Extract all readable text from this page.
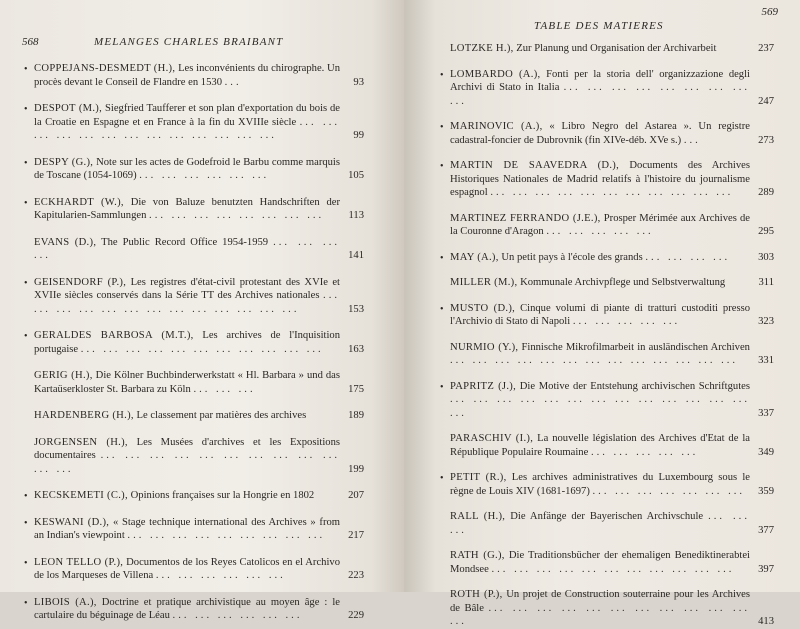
568	MELANGES CHARLES BRAIBANT
• COPPEJANS-DESMEDT (H.), Les inconvénients du chirographe. Un procès devant le Conseil de Flandre en 1530 ...	93
• DESPOT (M.), Siegfried Taufferer et son plan d'exportation du bois de la Croatie en Espagne et en France à la fin du XVIIIe siècle ... ... ... ... ... ... ... ... ... ... ... ... ...	99
• DESPY (G.), Note sur les actes de Godefroid le Barbu comme marquis de Toscane (1054-1069) ... ... ... ... ... ...	105
• ECKHARDT (W.), Die von Baluze benutzten Handschriften der Kapitularien-Sammlungen ... ... ... ... ... ... ... ...	113
EVANS (D.), The Public Record Office 1954-1959 ... ... ... ...	141
• GEISENDORF (P.), Les registres d'état-civil protestant des XVIe et XVIIe siècles conservés dans la Série TT des Archives nationales ... ... ... ... ... ... ... ... ... ... ... ... ...	153
• GERALDES BARBOSA (M.T.), Les archives de l'Inquisition portugaise ... ... ... ... ... ... ... ... ... ... ...	163
GERIG (H.), Die Kölner Buchbinderwerkstatt « Hl. Barbara » und das Kartaüserkloster St. Barbara zu Köln ... ... ...	175
HARDENBERG (H.), Le classement par matières des archives	189
JORGENSEN (H.), Les Musées d'archives et les Expositions documentaires ... ... ... ... ... ... ... ... ... ... ... ...	199
• KECSKEMETI (C.), Opinions françaises sur la Hongrie en 1802	207
• KESWANI (D.), « Stage technique international des Archives » from an Indian's viewpoint ... ... ... ... ... ... ... ... ...	217
• LEON TELLO (P.), Documentos de los Reyes Catolicos en el Archivo de los Marqueses de Villena ... ... ... ... ... ...	223
• LIBOIS (A.), Doctrine et pratique archivistique au moyen âge : le cartulaire du béguinage de Léau ... ... ... ... ... ...	229
TABLE DES MATIERES
569
LOTZKE H.), Zur Planung und Organisation der Archivarbeit	237
• LOMBARDO (A.), Fonti per la storia dell' organizzazione degli Archivi di Stato in Italia ... ... ... ... ... ... ... ... ...	247
• MARINOVIC (A.), « Libro Negro del Astarea ». Un registre cadastral-foncier de Dubrovnik (fin XIVe-déb. XVe s.) ...	273
• MARTIN DE SAAVEDRA (D.), Documents des Archives Historiques Nationales de Madrid relatifs à l'histoire du journalisme espagnol ... ... ... ... ... ... ... ... ... ... ...	289
MARTINEZ FERRANDO (J.E.), Prosper Mérimée aux Archives de la Couronne d'Aragon ... ... ... ... ...	295
• MAY (A.), Un petit pays à l'école des grands ... ... ... ...	303
MILLER (M.), Kommunale Archivpflege und Selbstverwaltung	311
• MUSTO (D.), Cinque volumi di piante di tratturi custoditi presso l'Archivio di Stato di Napoli ... ... ... ... ...	323
NURMIO (Y.), Finnische Mikrofilmarbeit in ausländischen Archiven ... ... ... ... ... ... ... ... ... ... ... ... ...	331
• PAPRITZ (J.), Die Motive der Entstehung archivischen Schriftgutes ... ... ... ... ... ... ... ... ... ... ... ... ... ...	337
PARASCHIV (I.), La nouvelle législation des Archives d'Etat de la République Populaire Roumaine ... ... ... ... ...	349
• PETIT (R.), Les archives administratives du Luxembourg sous le règne de Louis XIV (1681-1697) ... ... ... ... ... ... ...	359
RALL (H.), Die Anfänge der Bayerischen Archivschule ... ... ...	377
RATH (G.), Die Traditionsbücher der ehemaligen Benediktinerabtei Mondsee ... ... ... ... ... ... ... ... ... ... ...	397
ROTH (P.), Un projet de Construction souterraine pour les Archives de Bâle ... ... ... ... ... ... ... ... ... ... ... ...	413
